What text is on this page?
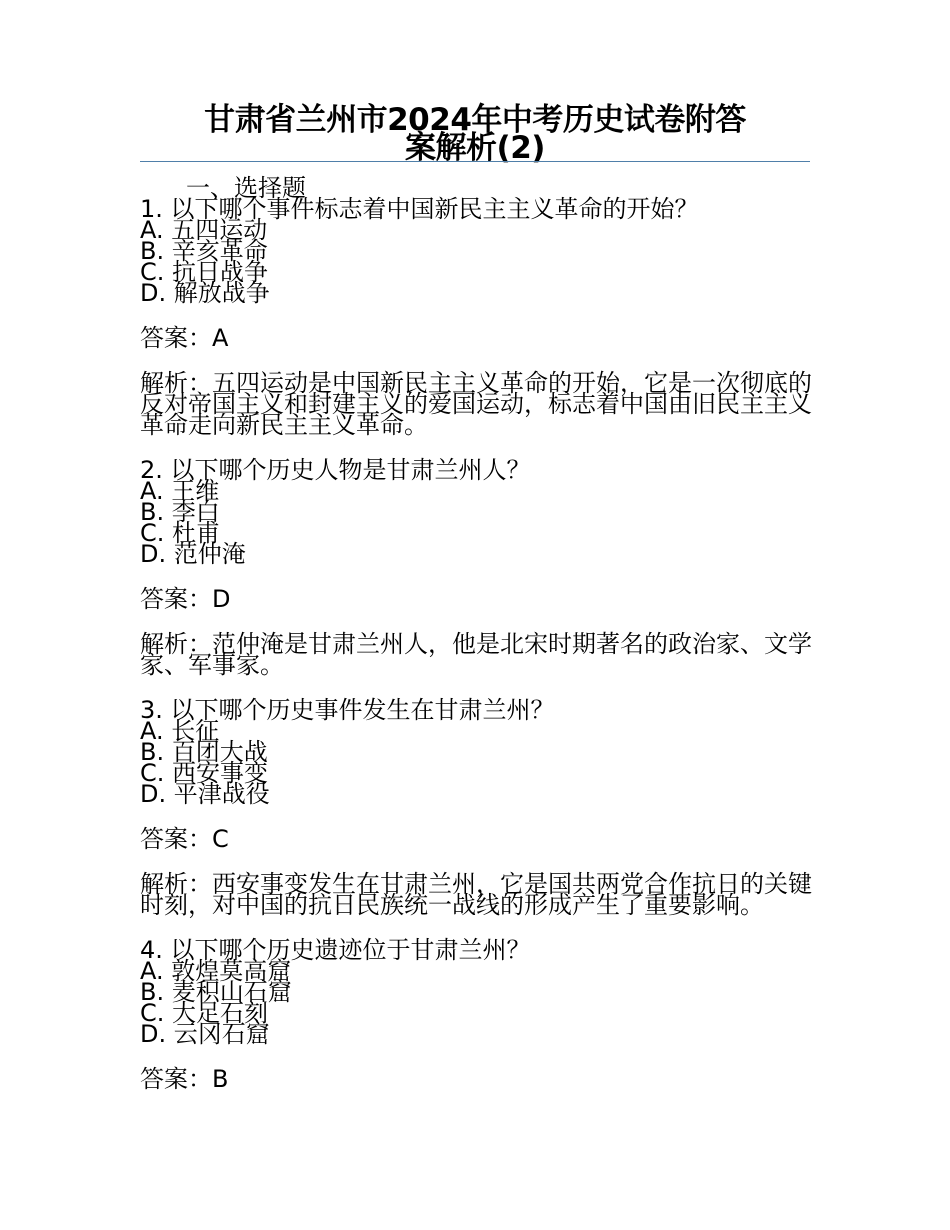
甘肃省兰州市2024年中考历史试卷附答
案解析(2)
一、选择题
1. 以下哪个事件标志着中国新民主主义革命的开始？
A. 五四运动
B. 辛亥革命
C. 抗日战争
D. 解放战争
答案：A
解析：五四运动是中国新民主主义革命的开始，它是一次彻底的反对帝国主义和封建主义的爱国运动，标志着中国由旧民主主义革命走向新民主主义革命。
2. 以下哪个历史人物是甘肃兰州人？
A. 王维
B. 李白
C. 杜甫
D. 范仲淹
答案：D
解析：范仲淹是甘肃兰州人，他是北宋时期著名的政治家、文学家、军事家。
3. 以下哪个历史事件发生在甘肃兰州？
A. 长征
B. 百团大战
C. 西安事变
D. 平津战役
答案：C
解析：西安事变发生在甘肃兰州，它是国共两党合作抗日的关键时刻，对中国的抗日民族统一战线的形成产生了重要影响。
4. 以下哪个历史遗迹位于甘肃兰州？
A. 敦煌莫高窟
B. 麦积山石窟
C. 大足石刻
D. 云冈石窟
答案：B
